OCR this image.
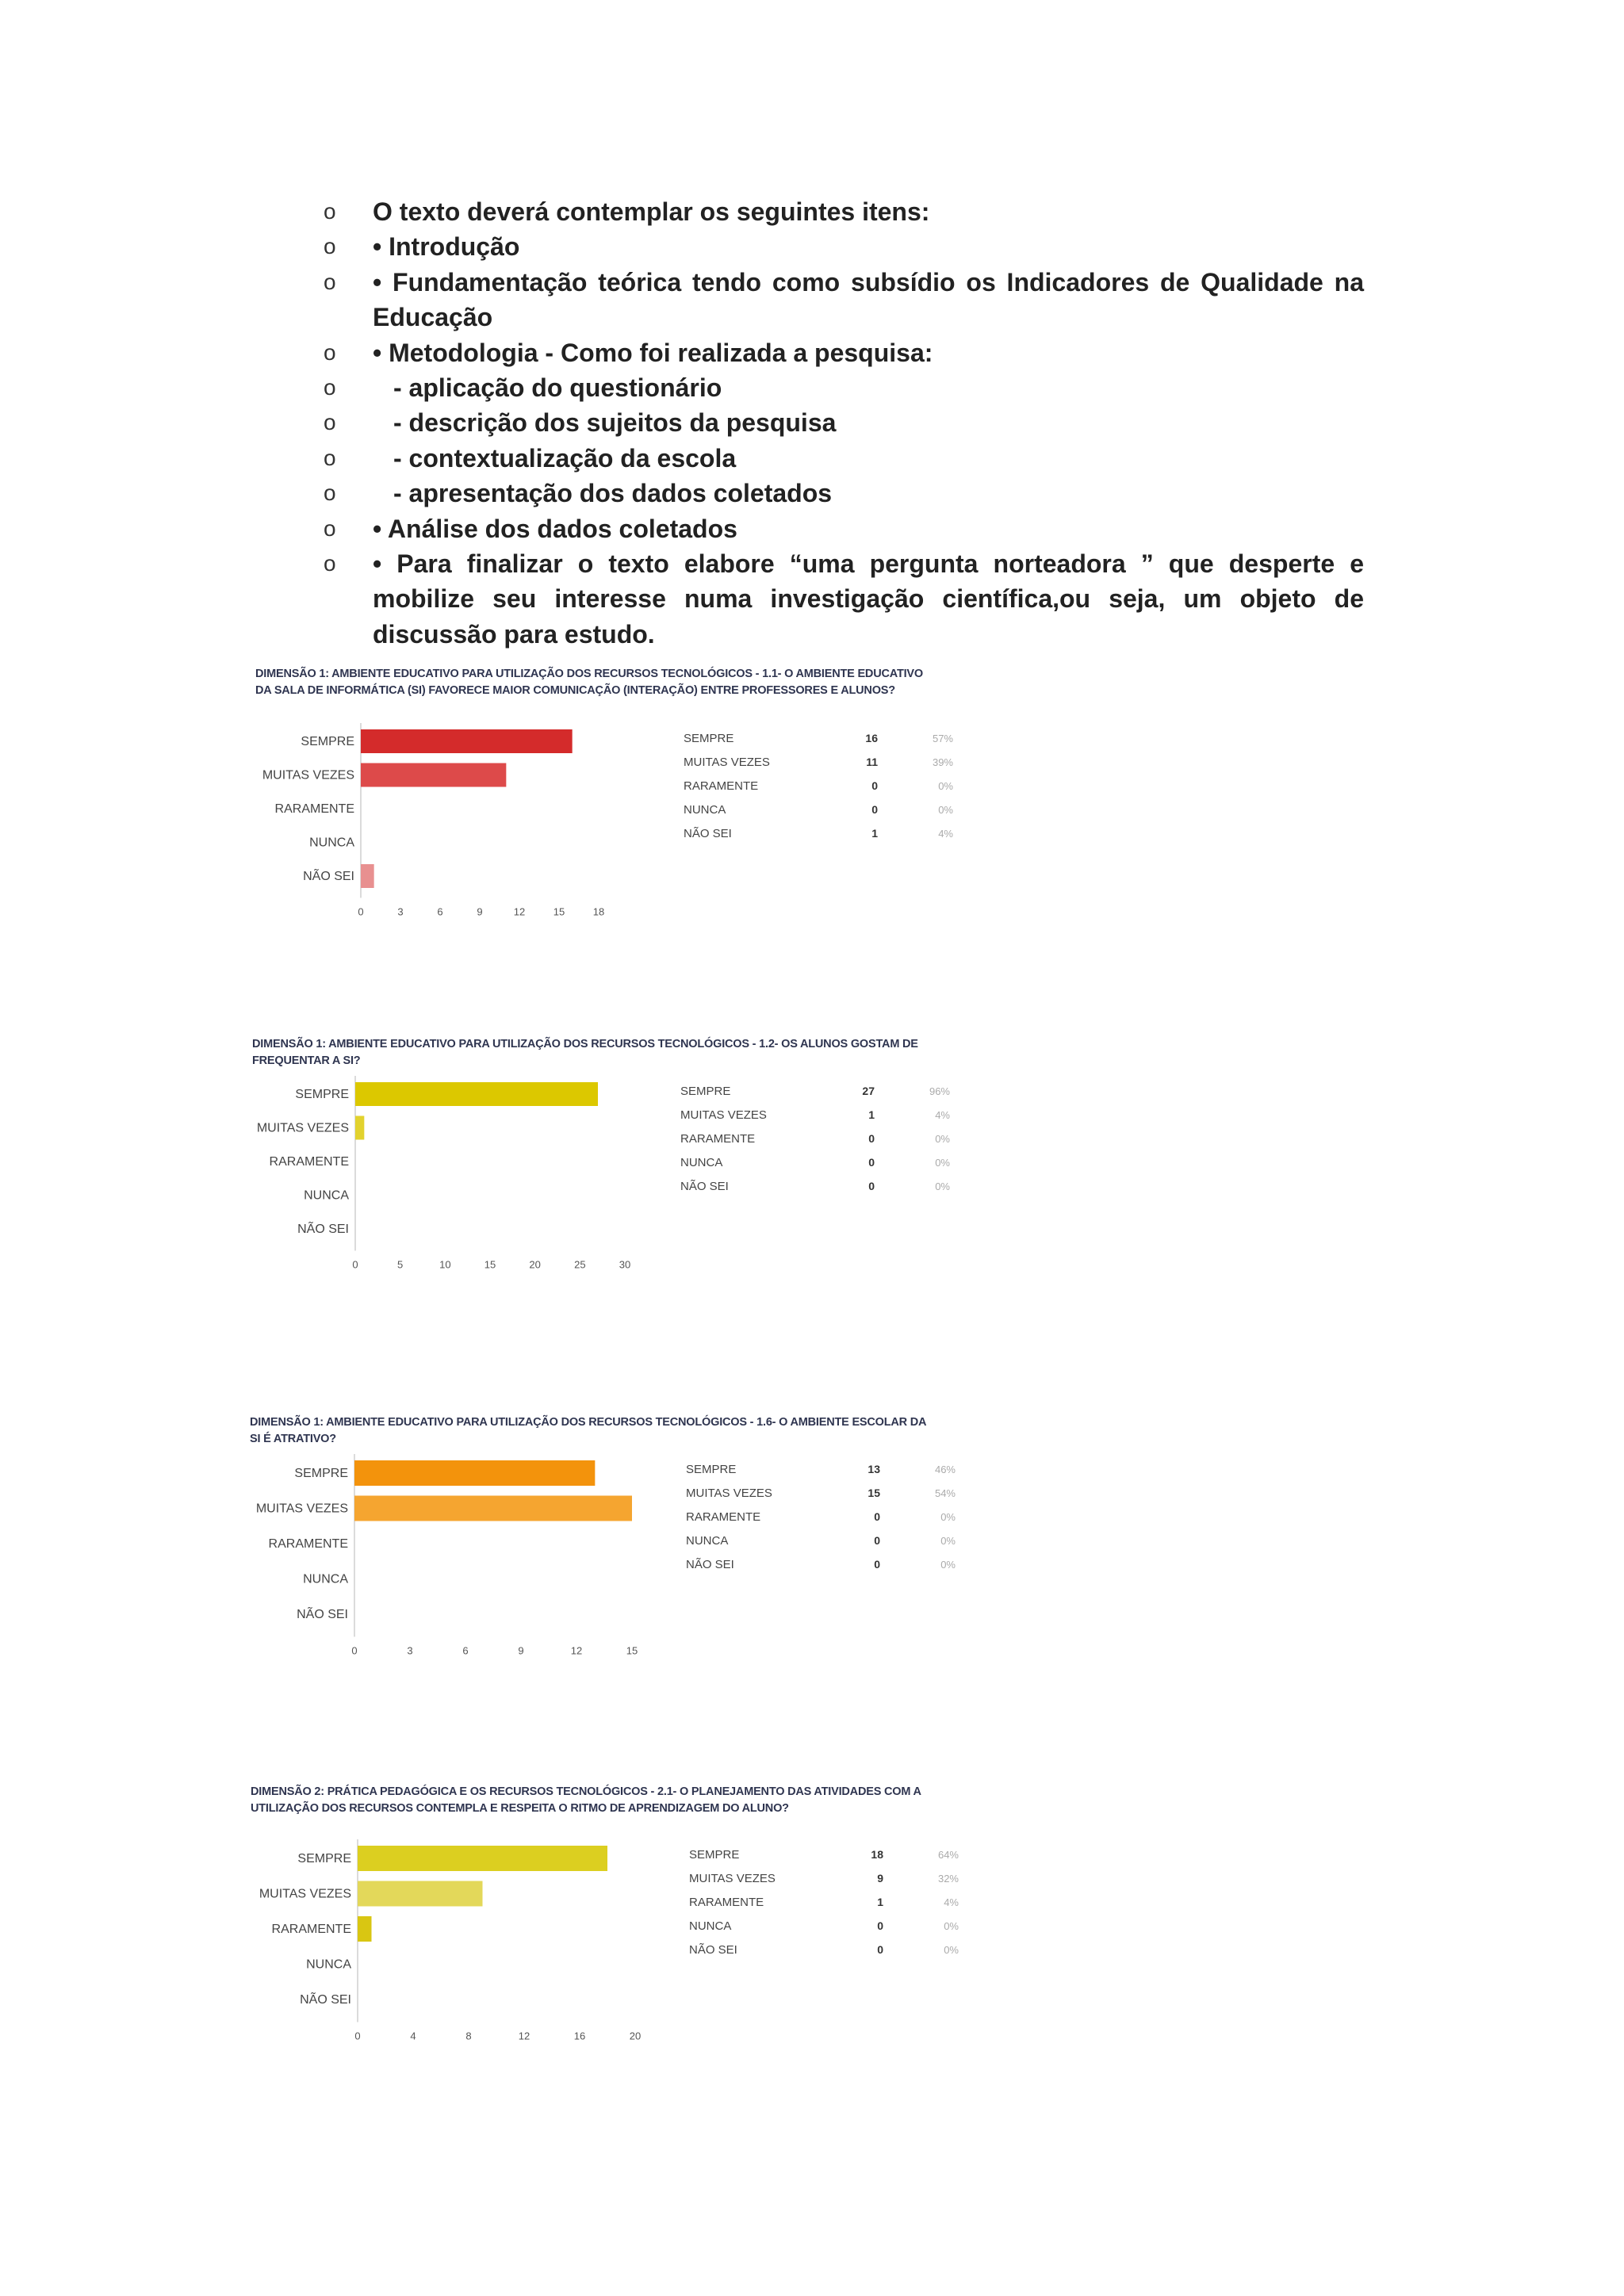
o O texto deverá contemplar os seguintes itens:
o • Introdução
o • Fundamentação teórica tendo como subsídio os Indicadores de Qualidade na Educação
o • Metodologia - Como foi realizada a pesquisa:
o - aplicação do questionário
o - descrição dos sujeitos da pesquisa
o - contextualização da escola
o - apresentação dos dados coletados
o • Análise dos dados coletados
o • Para finalizar o texto elabore “uma pergunta norteadora ” que desperte e mobilize seu interesse numa investigação científica,ou seja, um objeto de discussão para estudo.
DIMENSÃO 1: AMBIENTE EDUCATIVO PARA UTILIZAÇÃO DOS RECURSOS TECNOLÓGICOS - 1.1- O AMBIENTE EDUCATIVO DA SALA DE INFORMÁTICA (SI) FAVORECE MAIOR COMUNICAÇÃO (INTERAÇÃO) ENTRE PROFESSORES E ALUNOS?
SEMPRE
MUITAS VEZES
RARAMENTE
NUNCA
NÃO SEI
0	3	6	9	12	15	18
SEMPRE	16	57%
MUITAS VEZES	11	39%
RARAMENTE	0	0%
NUNCA	0	0%
NÃO SEI	1	4%
DIMENSÃO 1: AMBIENTE EDUCATIVO PARA UTILIZAÇÃO DOS RECURSOS TECNOLÓGICOS - 1.2- OS ALUNOS GOSTAM DE FREQUENTAR A SI?
SEMPRE
MUITAS VEZES
RARAMENTE
NUNCA
NÃO SEI
0	5	10	15	20	25	30
SEMPRE	27	96%
MUITAS VEZES	1	4%
RARAMENTE	0	0%
NUNCA	0	0%
NÃO SEI	0	0%
DIMENSÃO 1: AMBIENTE EDUCATIVO PARA UTILIZAÇÃO DOS RECURSOS TECNOLÓGICOS - 1.6- O AMBIENTE ESCOLAR DA SI É ATRATIVO?
SEMPRE
MUITAS VEZES
RARAMENTE
NUNCA
NÃO SEI
0	3	6	9	12	15
SEMPRE	13	46%
MUITAS VEZES	15	54%
RARAMENTE	0	0%
NUNCA	0	0%
NÃO SEI	0	0%
DIMENSÃO 2: PRÁTICA PEDAGÓGICA E OS RECURSOS TECNOLÓGICOS - 2.1- O PLANEJAMENTO DAS ATIVIDADES COM A UTILIZAÇÃO DOS RECURSOS CONTEMPLA E RESPEITA O RITMO DE APRENDIZAGEM DO ALUNO?
SEMPRE
MUITAS VEZES
RARAMENTE
NUNCA
NÃO SEI
0	4	8	12	16	20
SEMPRE	18	64%
MUITAS VEZES	9	32%
RARAMENTE	1	4%
NUNCA	0	0%
NÃO SEI	0	0%
